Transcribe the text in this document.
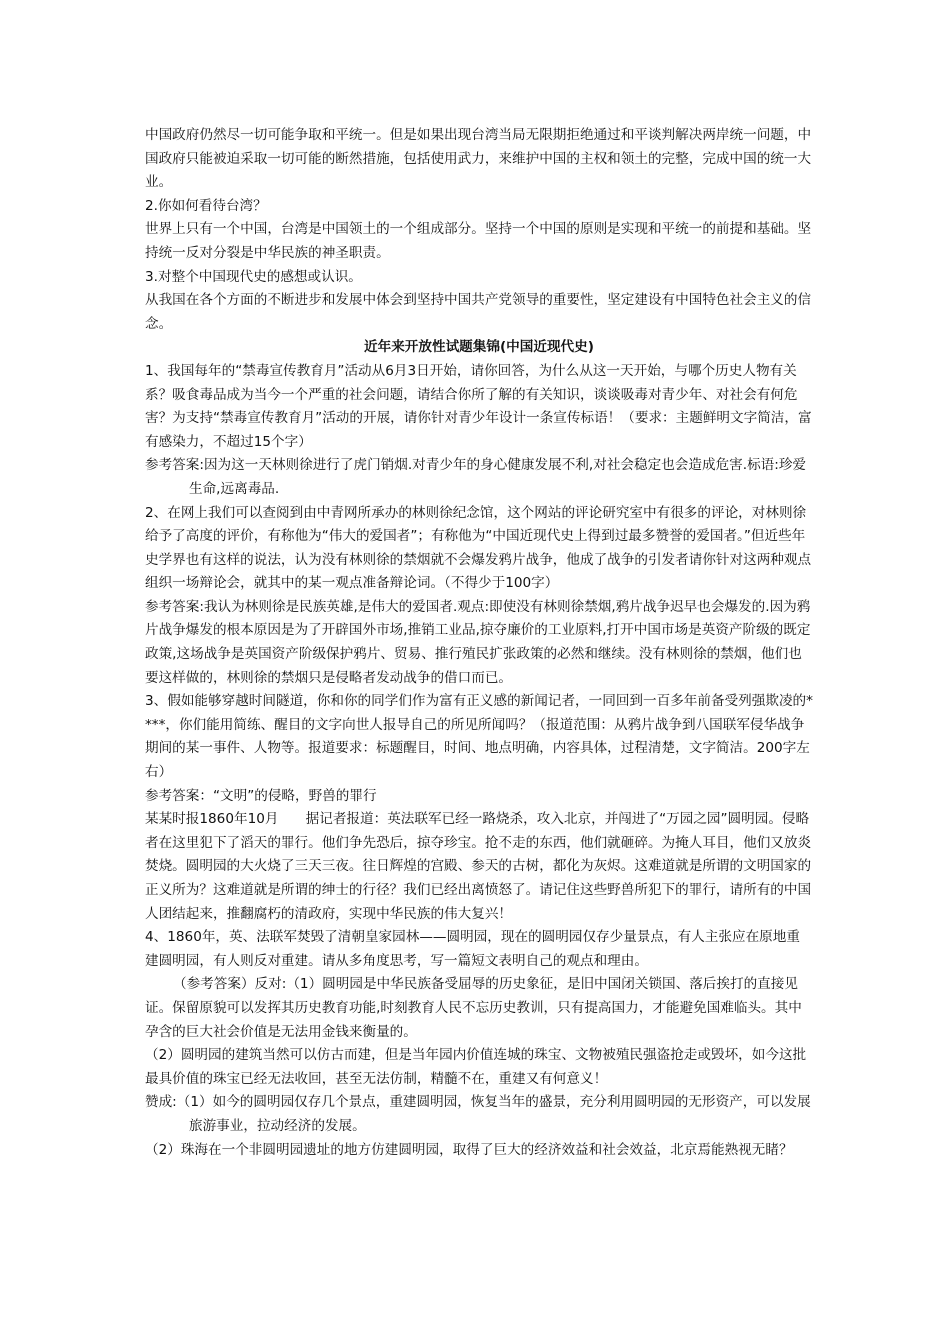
中国政府仍然尽一切可能争取和平统一。但是如果出现台湾当局无限期拒绝通过和平谈判解决两岸统一问题，中国政府只能被迫采取一切可能的断然措施，包括使用武力，来维护中国的主权和领土的完整，完成中国的统一大业。

2.你如何看待台湾？

世界上只有一个中国，台湾是中国领土的一个组成部分。坚持一个中国的原则是实现和平统一的前提和基础。坚持统一反对分裂是中华民族的神圣职责。

3.对整个中国现代史的感想或认识。

从我国在各个方面的不断进步和发展中体会到坚持中国共产党领导的重要性，坚定建设有中国特色社会主义的信念。

近年来开放性试题集锦(中国近现代史)

1、我国每年的“禁毒宣传教育月”活动从6月3日开始，请你回答，为什么从这一天开始，与哪个历史人物有关系？吸食毒品成为当今一个严重的社会问题，请结合你所了解的有关知识，谈谈吸毒对青少年、对社会有何危害？为支持“禁毒宣传教育月”活动的开展，请你针对青少年设计一条宣传标语！（要求：主题鲜明文字简洁，富有感染力，不超过15个字）

参考答案:因为这一天林则徐进行了虎门销烟.对青少年的身心健康发展不利,对社会稳定也会造成危害.标语:珍爱生命,远离毒品.

2、在网上我们可以查阅到由中青网所承办的林则徐纪念馆，这个网站的评论研究室中有很多的评论，对林则徐给予了高度的评价，有称他为“伟大的爱国者”；有称他为“中国近现代史上得到过最多赞誉的爱国者。”但近些年史学界也有这样的说法，认为没有林则徐的禁烟就不会爆发鸦片战争，他成了战争的引发者请你针对这两种观点组织一场辩论会，就其中的某一观点准备辩论词。（不得少于100字）

参考答案:我认为林则徐是民族英雄,是伟大的爱国者.观点:即使没有林则徐禁烟,鸦片战争迟早也会爆发的.因为鸦片战争爆发的根本原因是为了开辟国外市场,推销工业品,掠夺廉价的工业原料,打开中国市场是英资产阶级的既定政策,这场战争是英国资产阶级保护鸦片、贸易、推行殖民扩张政策的必然和继续。没有林则徐的禁烟，他们也要这样做的，林则徐的禁烟只是侵略者发动战争的借口而已。

3、假如能够穿越时间隧道，你和你的同学们作为富有正义感的新闻记者，一同回到一百多年前备受列强欺凌的****，你们能用简练、醒目的文字向世人报导自己的所见所闻吗？（报道范围：从鸦片战争到八国联军侵华战争期间的某一事件、人物等。报道要求：标题醒目，时间、地点明确，内容具体，过程清楚，文字简洁。200字左右）

参考答案：“文明”的侵略，野兽的罪行

某某时报1860年10月　　据记者报道：英法联军已经一路烧杀，攻入北京，并闯进了“万园之园”圆明园。侵略者在这里犯下了滔天的罪行。他们争先恐后，掠夺珍宝。抢不走的东西，他们就砸碎。为掩人耳目，他们又放炎焚烧。圆明园的大火烧了三天三夜。往日辉煌的宫殿、参天的古树，都化为灰烬。这难道就是所谓的文明国家的正义所为？这难道就是所谓的绅士的行径？我们已经出离愤怒了。请记住这些野兽所犯下的罪行，请所有的中国人团结起来，推翻腐朽的清政府，实现中华民族的伟大复兴！

4、1860年，英、法联军焚毁了清朝皇家园林——圆明园，现在的圆明园仅存少量景点，有人主张应在原地重建圆明园，有人则反对重建。请从多角度思考，写一篇短文表明自己的观点和理由。

（参考答案）反对:（1）圆明园是中华民族备受屈辱的历史象征，是旧中国闭关锁国、落后挨打的直接见证。保留原貌可以发挥其历史教育功能,时刻教育人民不忘历史教训，只有提高国力，才能避免国难临头。其中孕含的巨大社会价值是无法用金钱来衡量的。

（2）圆明园的建筑当然可以仿古而建，但是当年园内价值连城的珠宝、文物被殖民强盗抢走或毁坏，如今这批最具价值的珠宝已经无法收回，甚至无法仿制，精髓不在，重建又有何意义！

赞成:（1）如今的圆明园仅存几个景点，重建圆明园，恢复当年的盛景，充分利用圆明园的无形资产，可以发展旅游事业，拉动经济的发展。

（2）珠海在一个非圆明园遗址的地方仿建圆明园，取得了巨大的经济效益和社会效益，北京焉能熟视无睹？
